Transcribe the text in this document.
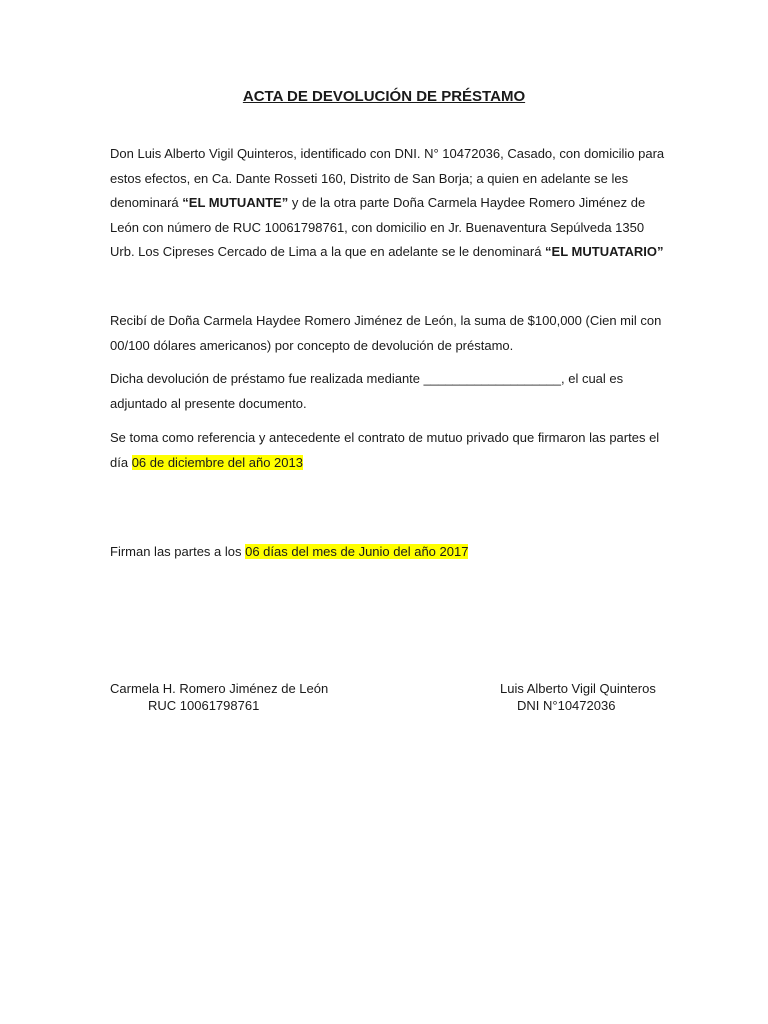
ACTA DE DEVOLUCIÓN DE PRÉSTAMO

Don Luis Alberto Vigil Quinteros, identificado con DNI. N° 10472036, Casado, con domicilio para estos efectos, en Ca. Dante Rosseti 160, Distrito de San Borja; a quien en adelante se les denominará “EL MUTUANTE” y de la otra parte Doña Carmela Haydee Romero Jiménez de León con número de RUC 10061798761, con domicilio en Jr. Buenaventura Sepúlveda 1350 Urb. Los Cipreses Cercado de Lima a la que en adelante se le denominará “EL MUTUATARIO”

Recibí de Doña Carmela Haydee Romero Jiménez de León, la suma de $100,000 (Cien mil con 00/100 dólares americanos) por concepto de devolución de préstamo.

Dicha devolución de préstamo fue realizada mediante ___________________, el cual es adjuntado al presente documento.

Se toma como referencia y antecedente el contrato de mutuo privado que firmaron las partes el día 06 de diciembre del año 2013

Firman las partes a los 06 días del mes de Junio del año 2017

Carmela H. Romero Jiménez de León
RUC 10061798761
Luis Alberto Vigil Quinteros
DNI N°10472036
